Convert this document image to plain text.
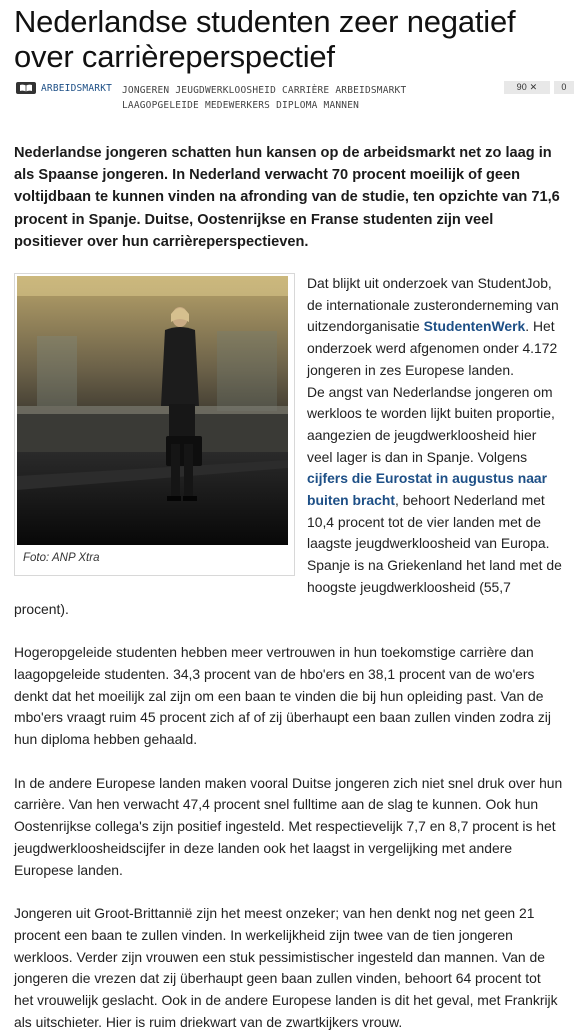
Nederlandse studenten zeer negatief over carrièreperspectief
ARBEIDSMARKT JONGEREN JEUGDWERKLOOSHEID CARRIÈRE ARBEIDSMARKT
LAAGOPGELEIDE MEDEWERKERS DIPLOMA MANNEN
90 ✕	0

Nederlandse jongeren schatten hun kansen op de arbeidsmarkt net zo laag in als Spaanse jongeren. In Nederland verwacht 70 procent moeilijk of geen voltijdbaan te kunnen vinden na afronding van de studie, ten opzichte van 71,6 procent in Spanje. Duitse, Oostenrijkse en Franse studenten zijn veel positiever over hun carrièreperspectieven.

Foto: ANP Xtra

Dat blijkt uit onderzoek van StudentJob, de internationale zusteronderneming van uitzendorganisatie StudentenWerk. Het onderzoek werd afgenomen onder 4.172 jongeren in zes Europese landen.

De angst van Nederlandse jongeren om werkloos te worden lijkt buiten proportie, aangezien de jeugdwerkloosheid hier veel lager is dan in Spanje. Volgens cijfers die Eurostat in augustus naar buiten bracht, behoort Nederland met 10,4 procent tot de vier landen met de laagste jeugdwerkloosheid van Europa. Spanje is na Griekenland het land met de hoogste jeugdwerkloosheid (55,7 procent).

Hogeropgeleide studenten hebben meer vertrouwen in hun toekomstige carrière dan laagopgeleide studenten. 34,3 procent van de hbo'ers en 38,1 procent van de wo'ers denkt dat het moeilijk zal zijn om een baan te vinden die bij hun opleiding past. Van de mbo'ers vraagt ruim 45 procent zich af of zij überhaupt een baan zullen vinden zodra zij hun diploma hebben gehaald.

In de andere Europese landen maken vooral Duitse jongeren zich niet snel druk over hun carrière. Van hen verwacht 47,4 procent snel fulltime aan de slag te kunnen. Ook hun Oostenrijkse collega's zijn positief ingesteld. Met respectievelijk 7,7 en 8,7 procent is het jeugdwerkloosheidscijfer in deze landen ook het laagst in vergelijking met andere Europese landen.

Jongeren uit Groot-Brittannië zijn het meest onzeker; van hen denkt nog net geen 21 procent een baan te zullen vinden. In werkelijkheid zijn twee van de tien jongeren werkloos. Verder zijn vrouwen een stuk pessimistischer ingesteld dan mannen. Van de jongeren die vrezen dat zij überhaupt geen baan zullen vinden, behoort 64 procent tot het vrouwelijk geslacht. Ook in de andere Europese landen is dit het geval, met Frankrijk als uitschieter. Hier is ruim driekwart van de zwartkijkers vrouw.
